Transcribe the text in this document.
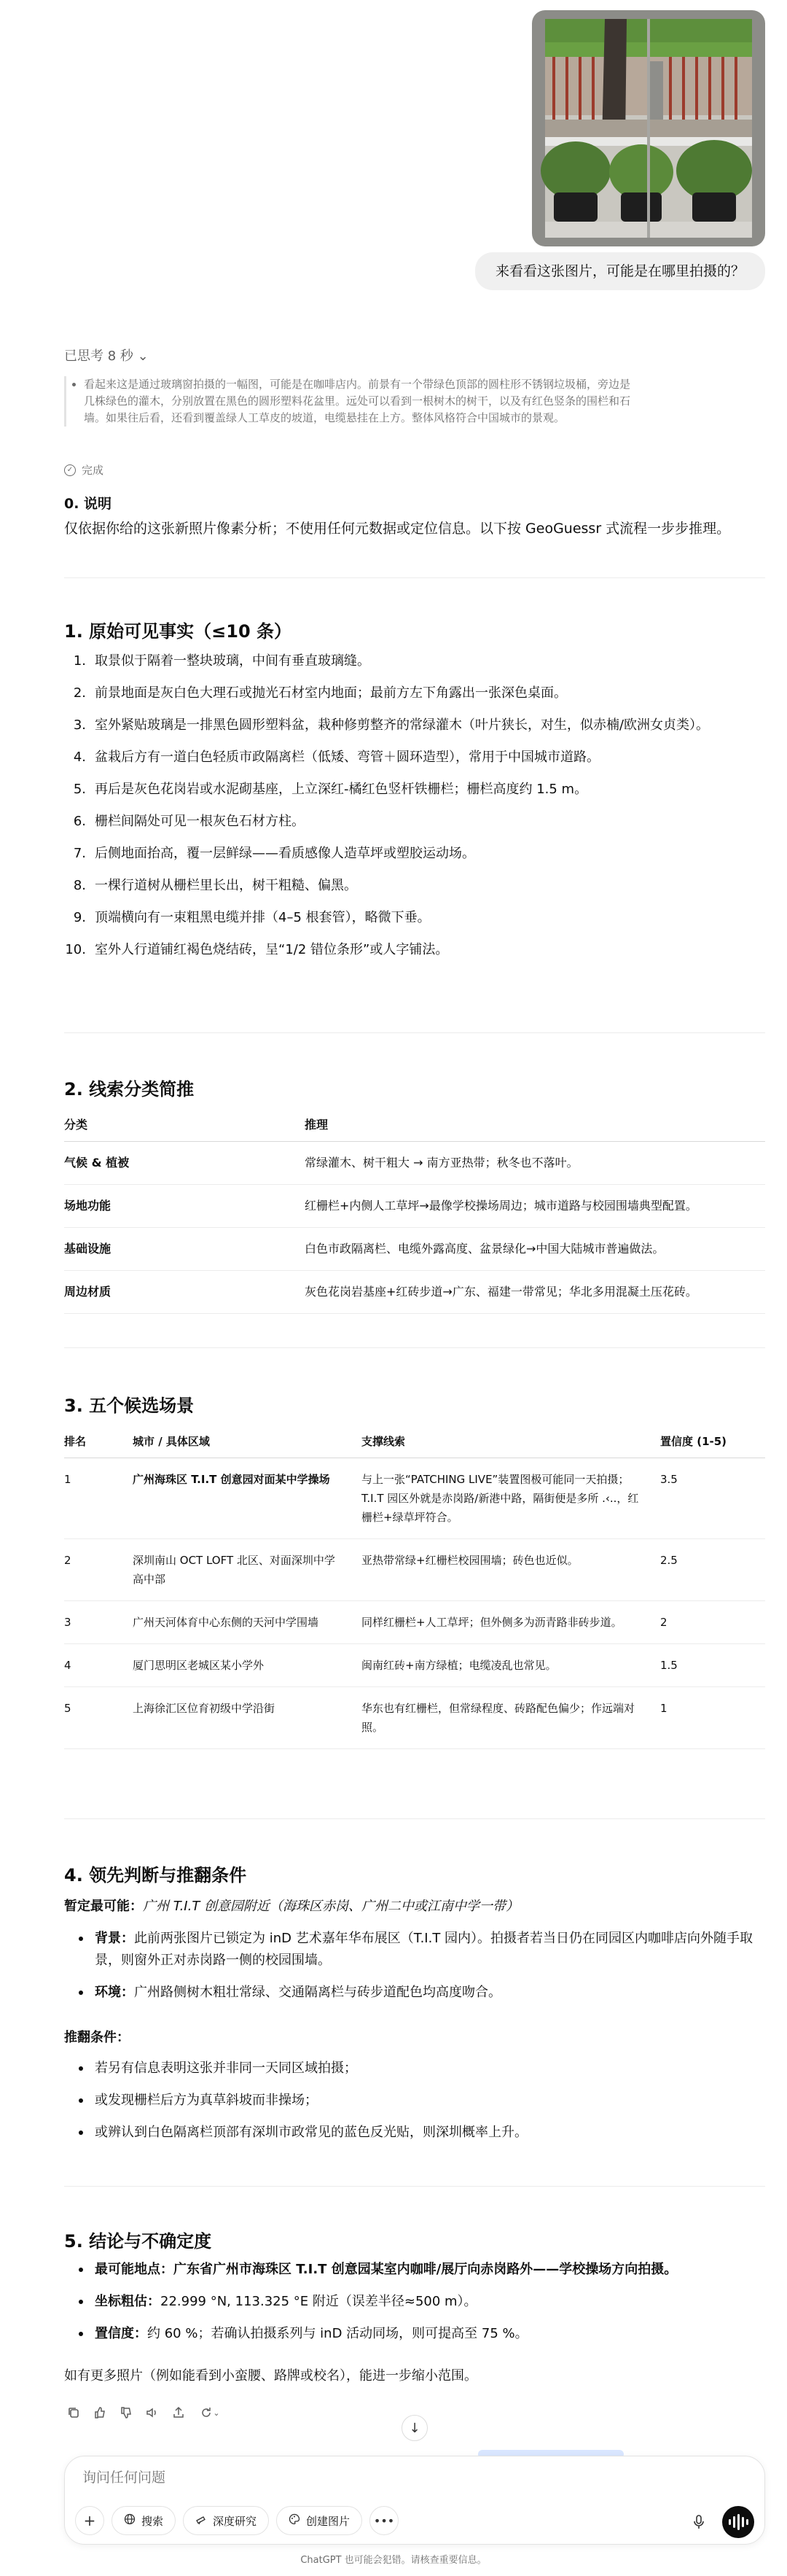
来看看这张图片，可能是在哪里拍摄的？
已思考 8 秒 ⌄
看起来这是通过玻璃窗拍摄的一幅图，可能是在咖啡店内。前景有一个带绿色顶部的圆柱形不锈钢垃圾桶，旁边是几株绿色的灌木，分别放置在黑色的圆形塑料花盆里。远处可以看到一根树木的树干，以及有红色竖条的围栏和石墙。如果往后看，还看到覆盖绿人工草皮的坡道，电缆悬挂在上方。整体风格符合中国城市的景观。
✓ 完成
0. 说明
仅依据你给的这张新照片像素分析；不使用任何元数据或定位信息。以下按 GeoGuessr 式流程一步步推理。
1. 原始可见事实（≤10 条）
1. 取景似于隔着一整块玻璃，中间有垂直玻璃缝。
2. 前景地面是灰白色大理石或抛光石材室内地面；最前方左下角露出一张深色桌面。
3. 室外紧贴玻璃是一排黑色圆形塑料盆，栽种修剪整齐的常绿灌木（叶片狭长，对生，似赤楠/欧洲女贞类）。
4. 盆栽后方有一道白色轻质市政隔离栏（低矮、弯管＋圆环造型），常用于中国城市道路。
5. 再后是灰色花岗岩或水泥砌基座，上立深红-橘红色竖杆铁栅栏；栅栏高度约 1.5 m。
6. 栅栏间隔处可见一根灰色石材方柱。
7. 后侧地面抬高，覆一层鲜绿——看质感像人造草坪或塑胶运动场。
8. 一棵行道树从栅栏里长出，树干粗糙、偏黑。
9. 顶端横向有一束粗黑电缆并排（4–5 根套管），略微下垂。
10. 室外人行道铺红褐色烧结砖，呈“1/2 错位条形”或人字铺法。
2. 线索分类简推
分类	推理
气候 & 植被	常绿灌木、树干粗大 → 南方亚热带；秋冬也不落叶。
场地功能	红栅栏+内侧人工草坪→最像学校操场周边；城市道路与校园围墙典型配置。
基础设施	白色市政隔离栏、电缆外露高度、盆景绿化→中国大陆城市普遍做法。
周边材质	灰色花岗岩基座+红砖步道→广东、福建一带常见；华北多用混凝土压花砖。
3. 五个候选场景
排名	城市 / 具体区域	支撑线索	置信度 (1-5)
1	广州海珠区 T.I.T 创意园对面某中学操场	与上一张“PATCHING LIVE”装置图极可能同一天拍摄；T.I.T 园区外就是赤岗路/新港中路，隔街便是多所 .‹..，红栅栏+绿草坪符合。	3.5
2	深圳南山 OCT LOFT 北区、对面深圳中学高中部	亚热带常绿+红栅栏校园围墙；砖色也近似。	2.5
3	广州天河体育中心东侧的天河中学围墙	同样红栅栏+人工草坪；但外侧多为沥青路非砖步道。	2
4	厦门思明区老城区某小学外	闽南红砖+南方绿植；电缆凌乱也常见。	1.5
5	上海徐汇区位育初级中学沿街	华东也有红栅栏，但常绿程度、砖路配色偏少；作远端对照。	1
4. 领先判断与推翻条件
暂定最可能：广州 T.I.T 创意园附近（海珠区赤岗、广州二中或江南中学一带）
背景：此前两张图片已锁定为 inD 艺术嘉年华布展区（T.I.T 园内）。拍摄者若当日仍在同园区内咖啡店向外随手取景，则窗外正对赤岗路一侧的校园围墙。
环境：广州路侧树木粗壮常绿、交通隔离栏与砖步道配色均高度吻合。
推翻条件：
若另有信息表明这张并非同一天同区域拍摄；
或发现栅栏后方为真草斜坡而非操场；
或辨认到白色隔离栏顶部有深圳市政常见的蓝色反光贴，则深圳概率上升。
5. 结论与不确定度
最可能地点：广东省广州市海珠区 T.I.T 创意园某室内咖啡/展厅向赤岗路外——学校操场方向拍摄。
坐标粗估：22.999 °N, 113.325 °E 附近（误差半径≈500 m）。
置信度：约 60 %；若确认拍摄系列与 inD 活动同场，则可提高至 75 %。
如有更多照片（例如能看到小蛮腰、路牌或校名），能进一步缩小范围。
⌄
↓
询问任何问题
+	搜索	深度研究	创建图片 •••
ChatGPT 也可能会犯错。请核查重要信息。
